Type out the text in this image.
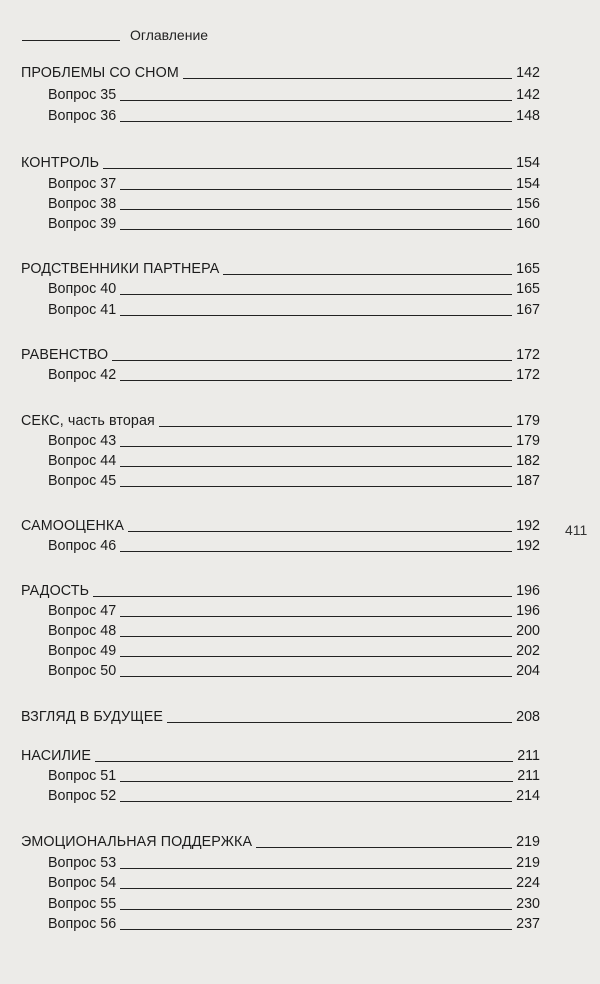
Оглавление
411
ПРОБЛЕМЫ СО СНОМ	142
Вопрос 35	142
Вопрос 36	148
КОНТРОЛЬ	154
Вопрос 37	154
Вопрос 38	156
Вопрос 39	160
РОДСТВЕННИКИ ПАРТНЕРА	165
Вопрос 40	165
Вопрос 41	167
РАВЕНСТВО	172
Вопрос 42	172
СЕКС, часть вторая	179
Вопрос 43	179
Вопрос 44	182
Вопрос 45	187
САМООЦЕНКА	192
Вопрос 46	192
РАДОСТЬ	196
Вопрос 47	196
Вопрос 48	200
Вопрос 49	202
Вопрос 50	204
ВЗГЛЯД В БУДУЩЕЕ	208
НАСИЛИЕ	211
Вопрос 51	211
Вопрос 52	214
ЭМОЦИОНАЛЬНАЯ ПОДДЕРЖКА	219
Вопрос 53	219
Вопрос 54	224
Вопрос 55	230
Вопрос 56	237
